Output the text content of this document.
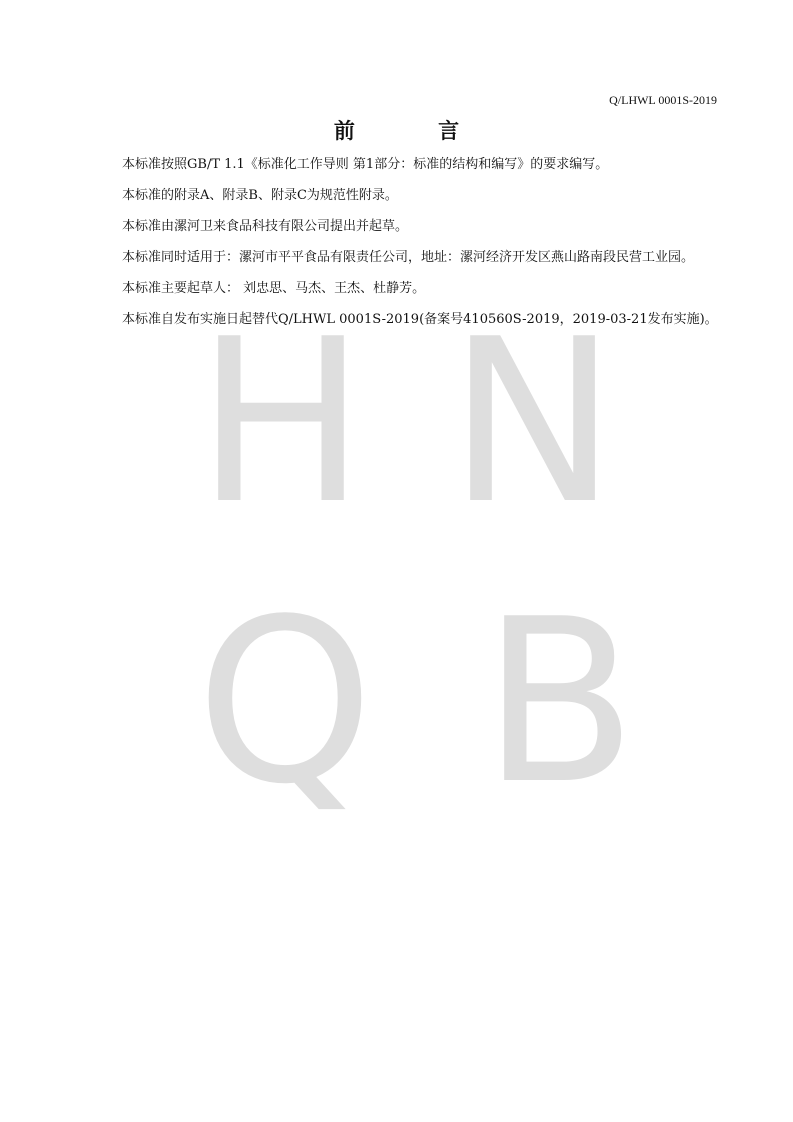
H N
Q B
Q/LHWL 0001S-2019
前 言

本标准按照GB/T 1.1《标准化工作导则 第1部分：标准的结构和编写》的要求编写。

本标准的附录A、附录B、附录C为规范性附录。

本标准由漯河卫来食品科技有限公司提出并起草。

本标准同时适用于：漯河市平平食品有限责任公司，地址：漯河经济开发区燕山路南段民营工业园。

本标准主要起草人： 刘忠思、马杰、王杰、杜静芳。

本标准自发布实施日起替代Q/LHWL 0001S-2019(备案号410560S-2019，2019-03-21发布实施)。
